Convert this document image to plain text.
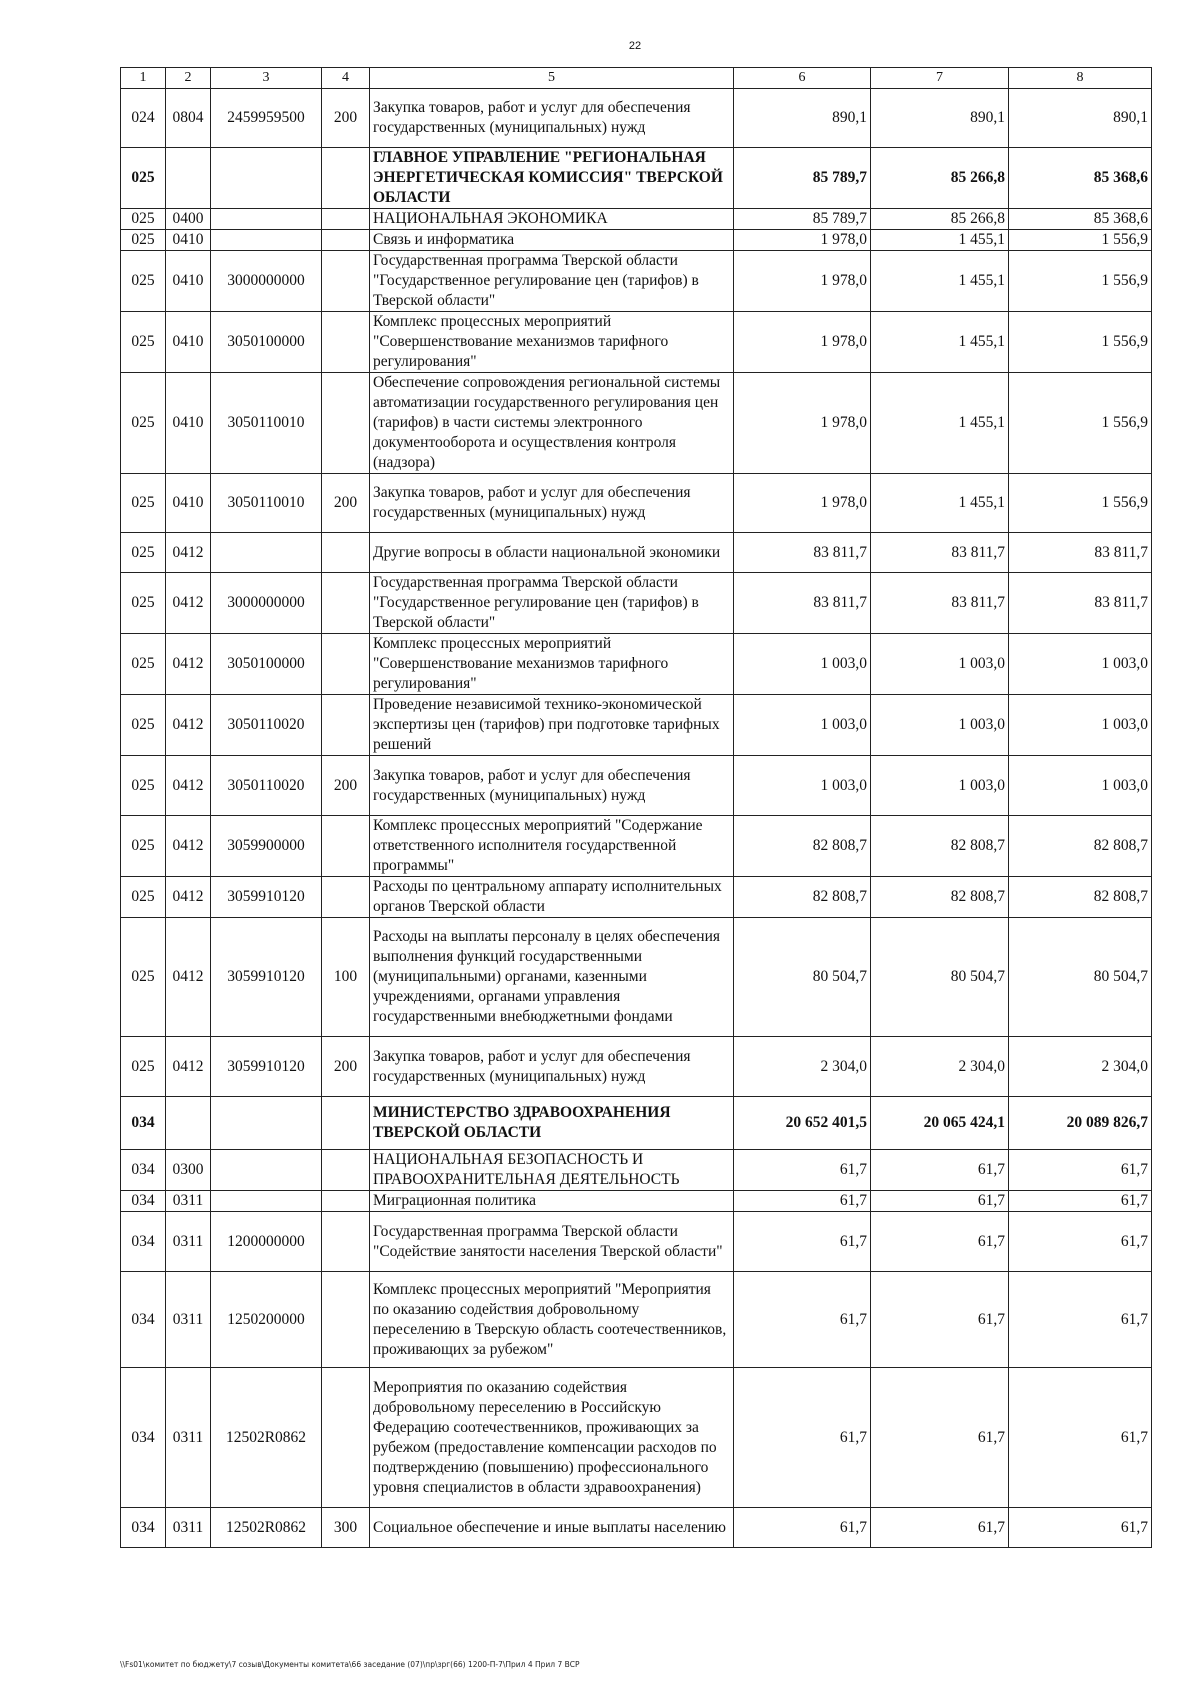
22
1	2	3	4	5	6	7	8
024	0804	2459959500	200	Закупка товаров, работ и услуг для обеспечения государственных (муниципальных) нужд	890,1	890,1	890,1
025				ГЛАВНОЕ УПРАВЛЕНИЕ "РЕГИОНАЛЬНАЯ ЭНЕРГЕТИЧЕСКАЯ КОМИССИЯ" ТВЕРСКОЙ ОБЛАСТИ	85 789,7	85 266,8	85 368,6
025	0400			НАЦИОНАЛЬНАЯ ЭКОНОМИКА	85 789,7	85 266,8	85 368,6
025	0410			Связь и информатика	1 978,0	1 455,1	1 556,9
025	0410	3000000000		Государственная программа Тверской области "Государственное регулирование цен (тарифов) в Тверской области"	1 978,0	1 455,1	1 556,9
025	0410	3050100000		Комплекс процессных мероприятий "Совершенствование механизмов тарифного регулирования"	1 978,0	1 455,1	1 556,9
025	0410	3050110010		Обеспечение сопровождения региональной системы автоматизации государственного регулирования цен (тарифов) в части системы электронного документооборота и осуществления контроля (надзора)	1 978,0	1 455,1	1 556,9
025	0410	3050110010	200	Закупка товаров, работ и услуг для обеспечения государственных (муниципальных) нужд	1 978,0	1 455,1	1 556,9
025	0412			Другие вопросы в области национальной экономики	83 811,7	83 811,7	83 811,7
025	0412	3000000000		Государственная программа Тверской области "Государственное регулирование цен (тарифов) в Тверской области"	83 811,7	83 811,7	83 811,7
025	0412	3050100000		Комплекс процессных мероприятий "Совершенствование механизмов тарифного регулирования"	1 003,0	1 003,0	1 003,0
025	0412	3050110020		Проведение независимой технико-экономической экспертизы цен (тарифов) при подготовке тарифных решений	1 003,0	1 003,0	1 003,0
025	0412	3050110020	200	Закупка товаров, работ и услуг для обеспечения государственных (муниципальных) нужд	1 003,0	1 003,0	1 003,0
025	0412	3059900000		Комплекс процессных мероприятий "Содержание ответственного исполнителя государственной программы"	82 808,7	82 808,7	82 808,7
025	0412	3059910120		Расходы по центральному аппарату исполнительных органов Тверской области	82 808,7	82 808,7	82 808,7
025	0412	3059910120	100	Расходы на выплаты персоналу в целях обеспечения выполнения функций государственными (муниципальными) органами, казенными учреждениями, органами управления государственными внебюджетными фондами	80 504,7	80 504,7	80 504,7
025	0412	3059910120	200	Закупка товаров, работ и услуг для обеспечения государственных (муниципальных) нужд	2 304,0	2 304,0	2 304,0
034				МИНИСТЕРСТВО ЗДРАВООХРАНЕНИЯ ТВЕРСКОЙ ОБЛАСТИ	20 652 401,5	20 065 424,1	20 089 826,7
034	0300			НАЦИОНАЛЬНАЯ БЕЗОПАСНОСТЬ И ПРАВООХРАНИТЕЛЬНАЯ ДЕЯТЕЛЬНОСТЬ	61,7	61,7	61,7
034	0311			Миграционная политика	61,7	61,7	61,7
034	0311	1200000000		Государственная программа Тверской области "Содействие занятости населения Тверской области"	61,7	61,7	61,7
034	0311	1250200000		Комплекс процессных мероприятий "Мероприятия по оказанию содействия добровольному переселению в Тверскую область соотечественников, проживающих за рубежом"	61,7	61,7	61,7
034	0311	12502R0862		Мероприятия по оказанию содействия добровольному переселению в Российскую Федерацию соотечественников, проживающих за рубежом (предоставление компенсации расходов по подтверждению (повышению) профессионального уровня специалистов в области здравоохранения)	61,7	61,7	61,7
034	0311	12502R0862	300	Социальное обеспечение и иные выплаты населению	61,7	61,7	61,7
\\Fs01\комитет по бюджету\7 созыв\Документы комитета\66 заседание (07)\пр\зрг(66) 1200-П-7\Прил 4 Прил 7 ВСР
